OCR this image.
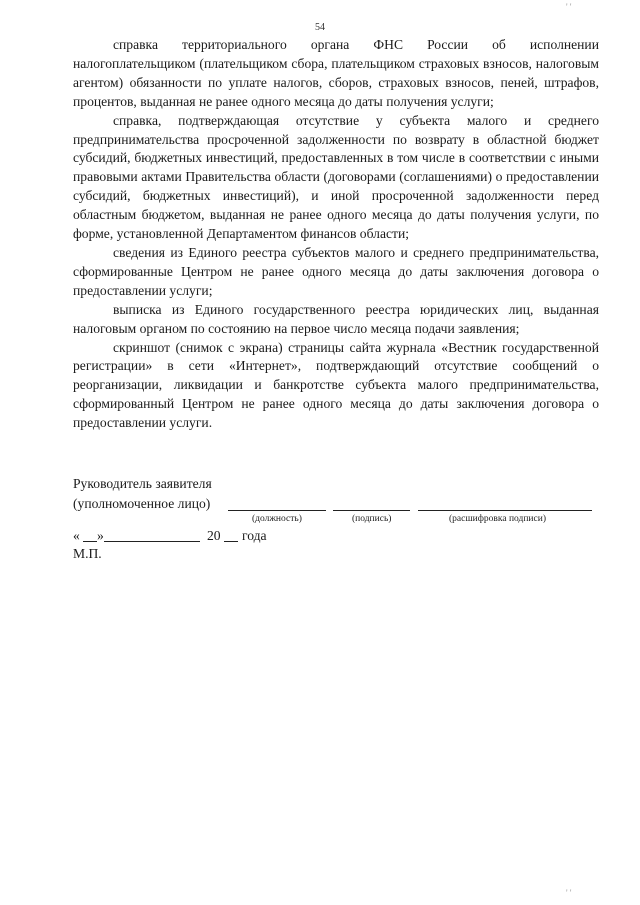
54

справка территориального органа ФНС России об исполнении налогоплательщиком (плательщиком сбора, плательщиком страховых взносов, налоговым агентом) обязанности по уплате налогов, сборов, страховых взносов, пеней, штрафов, процентов, выданная не ранее одного месяца до даты получения услуги;

справка, подтверждающая отсутствие у субъекта малого и среднего предпринимательства просроченной задолженности по возврату в областной бюджет субсидий, бюджетных инвестиций, предоставленных в том числе в соответствии с иными правовыми актами Правительства области (договорами (соглашениями) о предоставлении субсидий, бюджетных инвестиций), и иной просроченной задолженности перед областным бюджетом, выданная не ранее одного месяца до даты получения услуги, по форме, установленной Департаментом финансов области;

сведения из Единого реестра субъектов малого и среднего предпринимательства, сформированные Центром не ранее одного месяца до даты заключения договора о предоставлении услуги;

выписка из Единого государственного реестра юридических лиц, выданная налоговым органом по состоянию на первое число месяца подачи заявления;

скриншот (снимок с экрана) страницы сайта журнала «Вестник государственной регистрации» в сети «Интернет», подтверждающий отсутствие сообщений о реорганизации, ликвидации и банкротстве субъекта малого предпринимательства, сформированный Центром не ранее одного месяца до даты заключения договора о предоставлении услуги.

Руководитель заявителя
(уполномоченное лицо)
(должность)	(подпись)	(расшифровка подписи)
« »	20 года
М.П.
' '
' '
